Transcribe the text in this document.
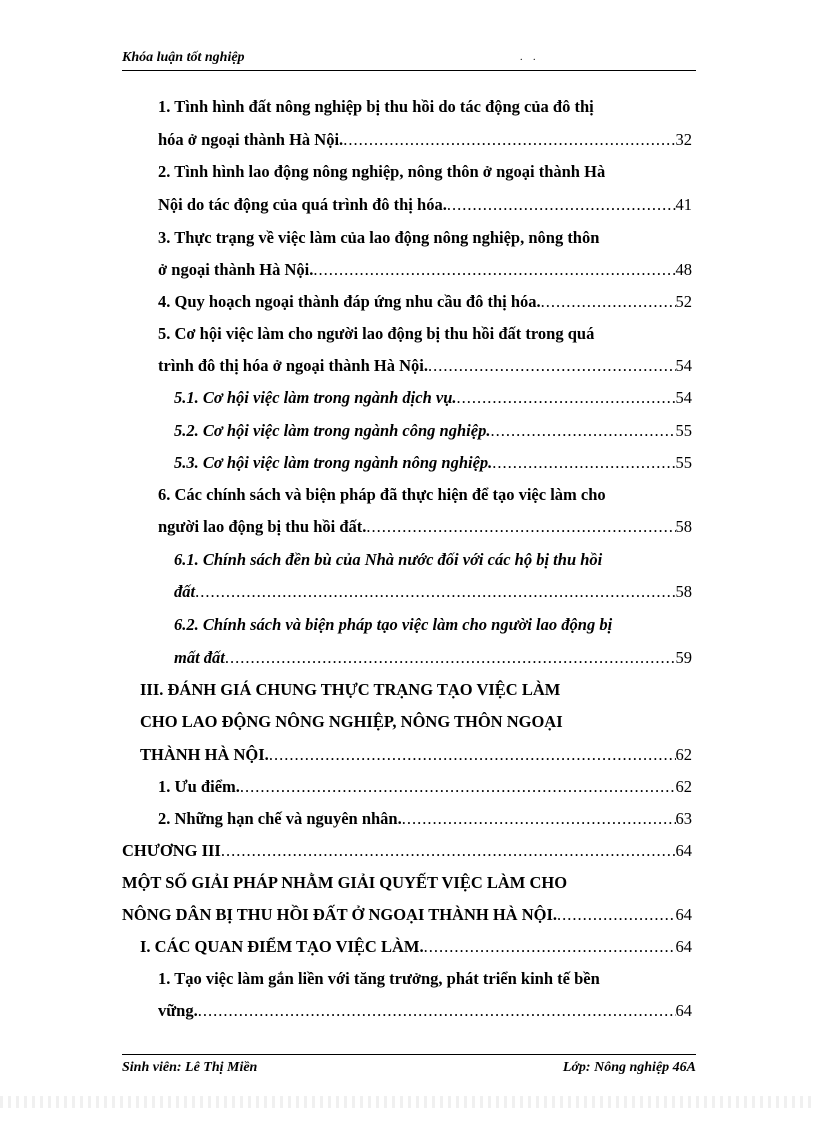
Khóa luận tốt nghiệp	. .
1. Tình hình đất nông nghiệp bị thu hồi do tác động của đô thị
hóa ở ngoại thành Hà Nội. .....	32
2. Tình hình lao động nông nghiệp, nông thôn ở ngoại thành Hà
Nội do tác động của quá trình đô thị hóa. .....	41
3. Thực trạng về việc làm của lao động nông nghiệp, nông thôn
ở ngoại thành Hà Nội. .....	48
4. Quy hoạch ngoại thành đáp ứng nhu cầu đô thị hóa. .....	52
5. Cơ hội việc làm cho người lao động bị thu hồi đất trong quá
trình đô thị hóa ở ngoại thành Hà Nội. .....	54
5.1. Cơ hội việc làm trong ngành dịch vụ. .....	54
5.2. Cơ hội việc làm trong ngành công nghiệp. .....	55
5.3. Cơ hội việc làm trong ngành nông nghiệp. .....	55
6. Các chính sách và biện pháp đã thực hiện để tạo việc làm cho
người lao động bị thu hồi đất. .....	58
6.1. Chính sách đền bù của Nhà nước đối với các hộ bị thu hồi
đất .....	58
6.2. Chính sách và biện pháp tạo việc làm cho người lao động bị
mất đất .....	59
III. ĐÁNH GIÁ CHUNG THỰC TRẠNG TẠO VIỆC LÀM
CHO LAO ĐỘNG NÔNG NGHIỆP, NÔNG THÔN NGOẠI
THÀNH HÀ NỘI. .....	62
1. Ưu điểm. .....	62
2. Những hạn chế và nguyên nhân. .....	63
CHƯƠNG III .....	64
MỘT SỐ GIẢI PHÁP NHẰM GIẢI QUYẾT VIỆC LÀM CHO
NÔNG DÂN BỊ THU HỒI ĐẤT Ở NGOẠI THÀNH HÀ NỘI. .....	64
I. CÁC QUAN ĐIỂM TẠO VIỆC LÀM. .....	64
1. Tạo việc làm gắn liền với tăng trưởng, phát triển kinh tế bền
vững. .....	64
Sinh viên: Lê Thị Miền	Lớp: Nông nghiệp 46A
